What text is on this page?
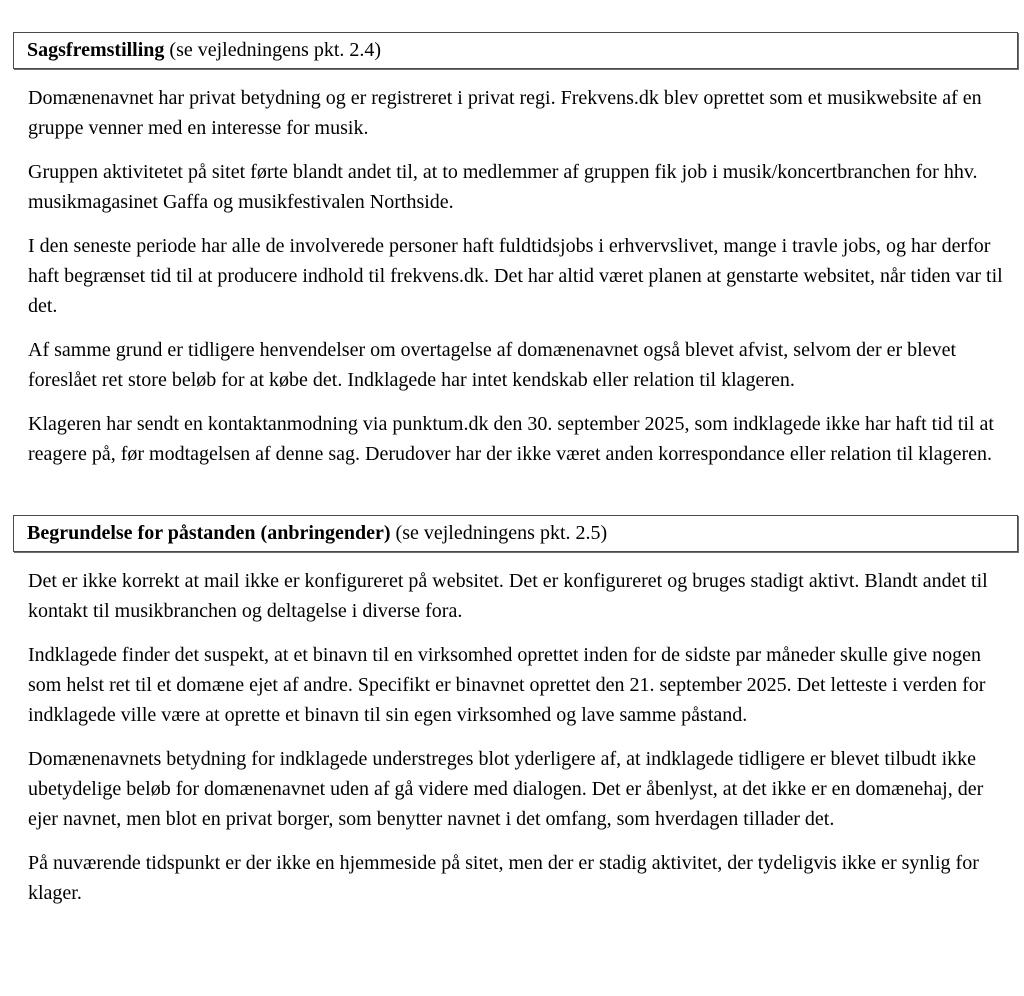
Sagsfremstilling (se vejledningens pkt. 2.4)

Domænenavnet har privat betydning og er registreret i privat regi. Frekvens.dk blev oprettet som et musikwebsite af en gruppe venner med en interesse for musik.

Gruppen aktivitetet på sitet førte blandt andet til, at to medlemmer af gruppen fik job i musik/koncertbranchen for hhv. musikmagasinet Gaffa og musikfestivalen Northside.

I den seneste periode har alle de involverede personer haft fuldtidsjobs i erhvervslivet, mange i travle jobs, og har derfor haft begrænset tid til at producere indhold til frekvens.dk. Det har altid været planen at genstarte websitet, når tiden var til det.

Af samme grund er tidligere henvendelser om overtagelse af domænenavnet også blevet afvist, selvom der er blevet foreslået ret store beløb for at købe det. Indklagede har intet kendskab eller relation til klageren.

Klageren har sendt en kontaktanmodning via punktum.dk den 30. september 2025, som indklagede ikke har haft tid til at reagere på, før modtagelsen af denne sag. Derudover har der ikke været anden korrespondance eller relation til klageren.

Begrundelse for påstanden (anbringender) (se vejledningens pkt. 2.5)

Det er ikke korrekt at mail ikke er konfigureret på websitet. Det er konfigureret og bruges stadigt aktivt. Blandt andet til kontakt til musikbranchen og deltagelse i diverse fora.

Indklagede finder det suspekt, at et binavn til en virksomhed oprettet inden for de sidste par måneder skulle give nogen som helst ret til et domæne ejet af andre. Specifikt er binavnet oprettet den 21. september 2025. Det letteste i verden for indklagede ville være at oprette et binavn til sin egen virksomhed og lave samme påstand.

Domænenavnets betydning for indklagede understreges blot yderligere af, at indklagede tidligere er blevet tilbudt ikke ubetydelige beløb for domænenavnet uden af gå videre med dialogen. Det er åbenlyst, at det ikke er en domænehaj, der ejer navnet, men blot en privat borger, som benytter navnet i det omfang, som hverdagen tillader det.

På nuværende tidspunkt er der ikke en hjemmeside på sitet, men der er stadig aktivitet, der tydeligvis ikke er synlig for klager.
